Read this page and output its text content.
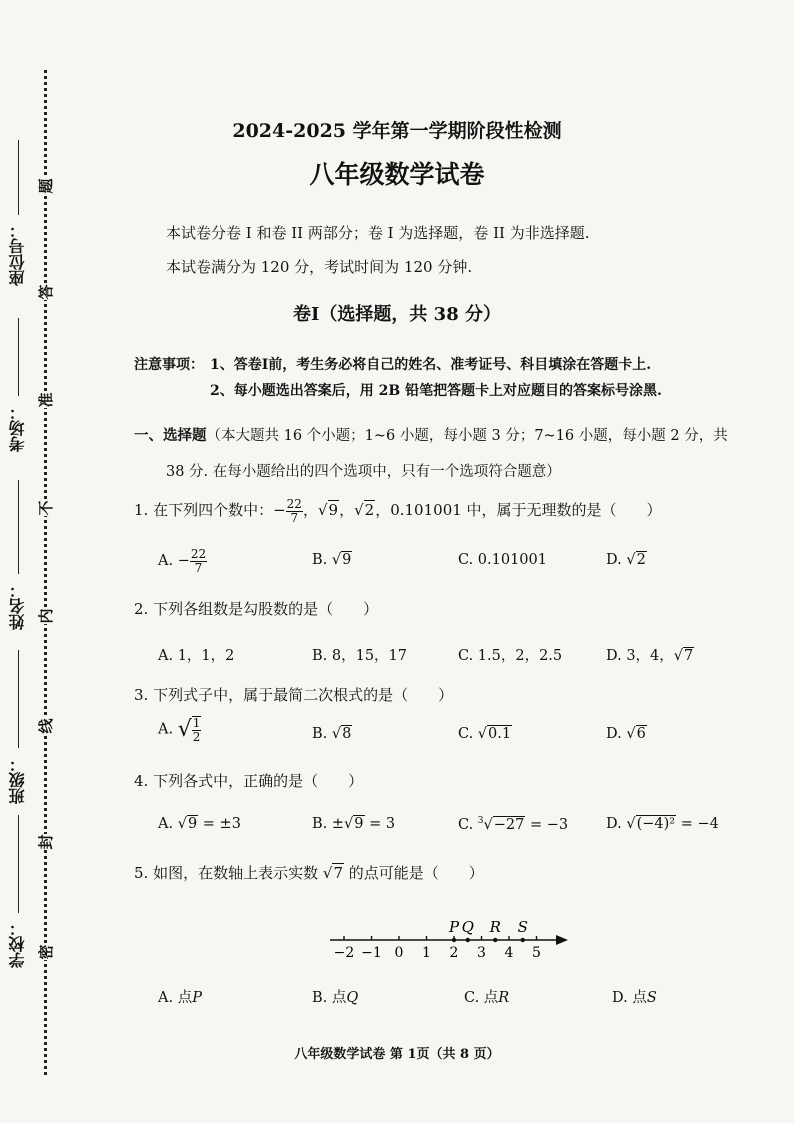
座位号：
考场：
姓名：
班级：
学校：
题
答
准
不
内
线
封
密
2024-2025 学年第一学期阶段性检测
八年级数学试卷
本试卷分卷 I 和卷 II 两部分；卷 I 为选择题，卷 II 为非选择题.
本试卷满分为 120 分，考试时间为 120 分钟.
卷I（选择题，共 38 分）
注意事项： 1、答卷I前，考生务必将自己的姓名、准考证号、科目填涂在答题卡上.
2、每小题选出答案后，用 2B 铅笔把答题卡上对应题目的答案标号涂黑.
一、选择题（本大题共 16 个小题；1~6 小题，每小题 3 分；7~16 小题，每小题 2 分，共
38 分. 在每小题给出的四个选项中，只有一个选项符合题意）
1. 在下列四个数中：− $\frac{22}{7}$ ，√9，√2，0.101001 中，属于无理数的是（　　）
A. − $\frac{22}{7}$	B. √9	C. 0.101001	D. √2
2. 下列各组数是勾股数的是（　　）
A. 1，1，2	B. 8，15，17	C. 1.5，2，2.5	D. 3，4，√7
3. 下列式子中，属于最简二次根式的是（　　）
A. √ $\frac{1}{2}$	B. √8	C. √0.1	D. √6
4. 下列各式中，正确的是（　　）
A. √9 = ±3	B. ±√9 = 3	C. $^3$√−27 = −3	D. √(−4)² = −4
5. 如图，在数轴上表示实数 √7 的点可能是（　　）
−2 −1 0 1 2 3 4 5
P Q R S
A. 点P	B. 点Q	C. 点R	D. 点S
八年级数学试卷 第 1页（共 8 页）
